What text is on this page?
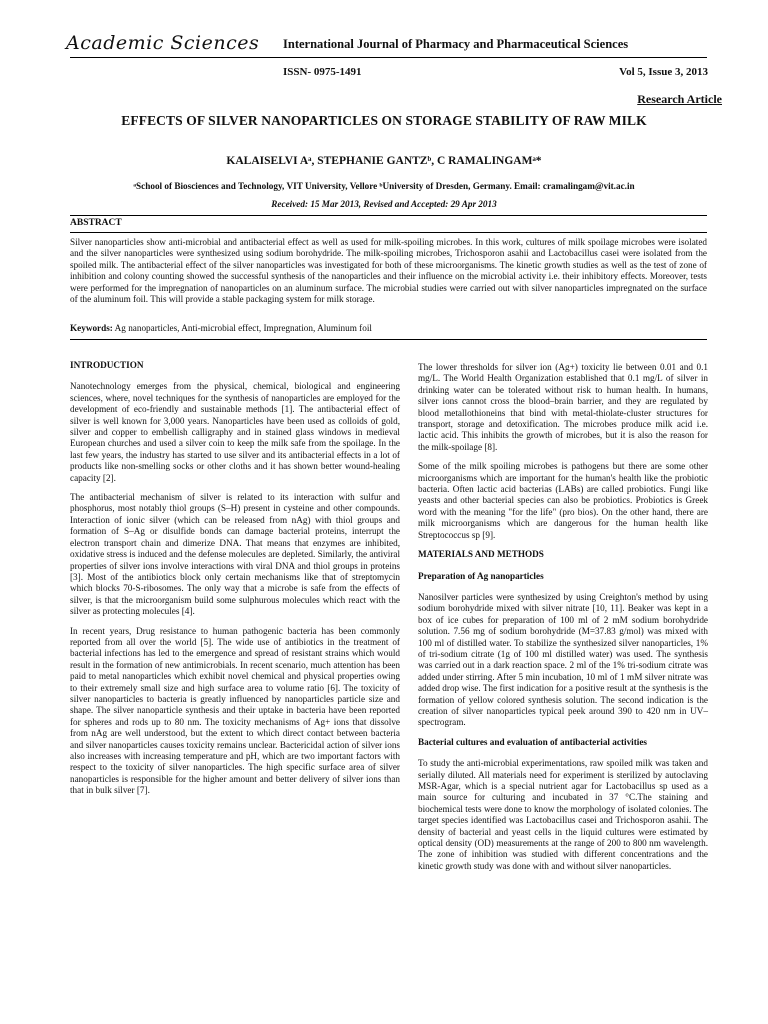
Academic Sciences International Journal of Pharmacy and Pharmaceutical Sciences
ISSN- 0975-1491	Vol 5, Issue 3, 2013
Research Article
EFFECTS OF SILVER NANOPARTICLES ON STORAGE STABILITY OF RAW MILK
KALAISELVI Aᵃ, STEPHANIE GANTZᵇ, C RAMALINGAMᵃ*
ᵃSchool of Biosciences and Technology, VIT University, Vellore ᵇUniversity of Dresden, Germany. Email: cramalingam@vit.ac.in
Received: 15 Mar 2013, Revised and Accepted: 29 Apr 2013
ABSTRACT
Silver nanoparticles show anti-microbial and antibacterial effect as well as used for milk-spoiling microbes. In this work, cultures of milk spoilage microbes were isolated and the silver nanoparticles were synthesized using sodium borohydride. The milk-spoiling microbes, Trichosporon asahii and Lactobacillus casei were isolated from the spoiled milk. The antibacterial effect of the silver nanoparticles was investigated for both of these microorganisms. The kinetic growth studies as well as the test of zone of inhibition and colony counting showed the successful synthesis of the nanoparticles and their influence on the microbial activity i.e. their inhibitory effects. Moreover, tests were performed for the impregnation of nanoparticles on an aluminum surface. The microbial studies were carried out with silver nanoparticles impregnated on the surface of the aluminum foil. This will provide a stable packaging system for milk storage.
Keywords: Ag nanoparticles, Anti-microbial effect, Impregnation, Aluminum foil
INTRODUCTION

Nanotechnology emerges from the physical, chemical, biological and engineering sciences, where, novel techniques for the synthesis of nanoparticles are employed for the development of eco-friendly and sustainable methods [1]. The antibacterial effect of silver is well known for 3,000 years. Nanoparticles have been used as colloids of gold, silver and copper to embellish calligraphy and in stained glass windows in medieval European churches and used a silver coin to keep the milk safe from the spoilage. In the last few years, the industry has started to use silver and its antibacterial effects in a lot of products like non-smelling socks or other cloths and it has shown better wound-healing capacity [2].

The antibacterial mechanism of silver is related to its interaction with sulfur and phosphorus, most notably thiol groups (S–H) present in cysteine and other compounds. Interaction of ionic silver (which can be released from nAg) with thiol groups and formation of S–Ag or disulfide bonds can damage bacterial proteins, interrupt the electron transport chain and dimerize DNA. That means that enzymes are inhibited, oxidative stress is induced and the defense molecules are depleted. Similarly, the antiviral properties of silver ions involve interactions with viral DNA and thiol groups in proteins [3]. Most of the antibiotics block only certain mechanisms like that of streptomycin which blocks 70-S-ribosomes. The only way that a microbe is safe from the effects of silver, is that the microorganism build some sulphurous molecules which react with the silver as protecting molecules [4].

In recent years, Drug resistance to human pathogenic bacteria has been commonly reported from all over the world [5]. The wide use of antibiotics in the treatment of bacterial infections has led to the emergence and spread of resistant strains which would result in the formation of new antimicrobials. In recent scenario, much attention has been paid to metal nanoparticles which exhibit novel chemical and physical properties owing to their extremely small size and high surface area to volume ratio [6]. The toxicity of silver nanoparticles to bacteria is greatly influenced by nanoparticles particle size and shape. The silver nanoparticle synthesis and their uptake in bacteria have been reported for spheres and rods up to 80 nm. The toxicity mechanisms of Ag+ ions that dissolve from nAg are well understood, but the extent to which direct contact between bacteria and silver nanoparticles causes toxicity remains unclear. Bactericidal action of silver ions also increases with increasing temperature and pH, which are two important factors with respect to the toxicity of silver nanoparticles. The high specific surface area of silver nanoparticles is responsible for the higher amount and better delivery of silver ions than that in bulk silver [7].

The lower thresholds for silver ion (Ag+) toxicity lie between 0.01 and 0.1 mg/L. The World Health Organization established that 0.1 mg/L of silver in drinking water can be tolerated without risk to human health. In humans, silver ions cannot cross the blood–brain barrier, and they are regulated by blood metallothioneins that bind with metal-thiolate-cluster structures for transport, storage and detoxification. The microbes produce milk acid i.e. lactic acid. This inhibits the growth of microbes, but it is also the reason for the milk-spoilage [8].

Some of the milk spoiling microbes is pathogens but there are some other microorganisms which are important for the human's health like the probiotic bacteria. Often lactic acid bacterias (LABs) are called probiotics. Fungi like yeasts and other bacterial species can also be probiotics. Probiotics is Greek word with the meaning "for the life" (pro bios). On the other hand, there are milk microorganisms which are dangerous for the human health like Streptococcus sp [9].

MATERIALS AND METHODS
Preparation of Ag nanoparticles

Nanosilver particles were synthesized by using Creighton's method by using sodium borohydride mixed with silver nitrate [10, 11]. Beaker was kept in a box of ice cubes for preparation of 100 ml of 2 mM sodium borohydride solution. 7.56 mg of sodium borohydride (M=37.83 g/mol) was mixed with 100 ml of distilled water. To stabilize the synthesized silver nanoparticles, 1% of tri-sodium citrate (1g of 100 ml distilled water) was used. The synthesis was carried out in a dark reaction space. 2 ml of the 1% tri-sodium citrate was added under stirring. After 5 min incubation, 10 ml of 1 mM silver nitrate was added drop wise. The first indication for a positive result at the synthesis is the formation of yellow colored synthesis solution. The second indication is the creation of silver nanoparticles typical peek around 390 to 420 nm in UV–spectrogram.

Bacterial cultures and evaluation of antibacterial activities

To study the anti-microbial experimentations, raw spoiled milk was taken and serially diluted. All materials need for experiment is sterilized by autoclaving MSR-Agar, which is a special nutrient agar for Lactobacillus sp used as a main source for culturing and incubated in 37 °C.The staining and biochemical tests were done to know the morphology of isolated colonies. The target species identified was Lactobacillus casei and Trichosporon asahii. The density of bacterial and yeast cells in the liquid cultures were estimated by optical density (OD) measurements at the range of 200 to 800 nm wavelength. The zone of inhibition was studied with different concentrations and the kinetic growth study was done with and without silver nanoparticles.
